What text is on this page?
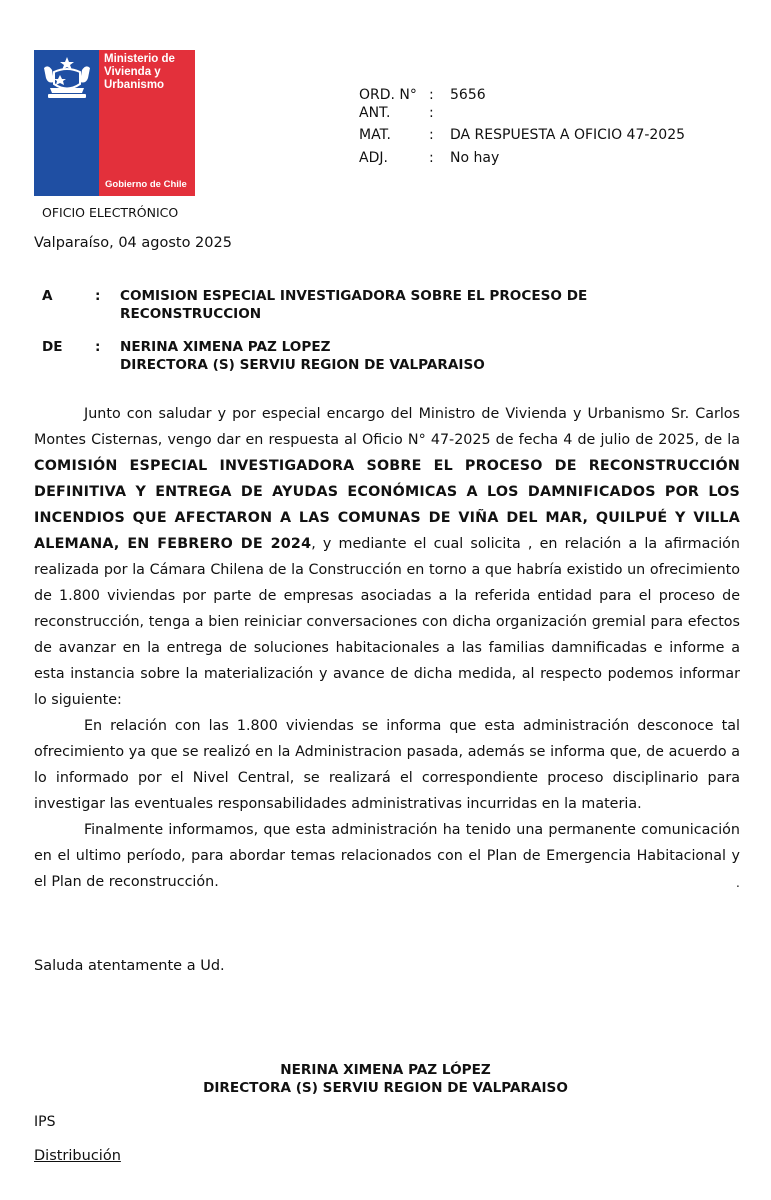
Ministerio de
Vivienda y
Urbanismo
Gobierno de Chile
OFICIO ELECTRÓNICO
Valparaíso, 04 agosto 2025
ORD. N° : 5656
ANT.	:
MAT.	: DA RESPUESTA A OFICIO 47-2025
ADJ.	: No hay
A	: COMISION ESPECIAL INVESTIGADORA SOBRE EL PROCESO DE RECONSTRUCCION
DE : NERINA XIMENA PAZ LOPEZ
DIRECTORA (S) SERVIU REGION DE VALPARAISO

Junto con saludar y por especial encargo del Ministro de Vivienda y Urbanismo Sr. Carlos Montes Cisternas, vengo dar en respuesta al Oficio N° 47-2025 de fecha 4 de julio de 2025, de la COMISIÓN ESPECIAL INVESTIGADORA SOBRE EL PROCESO DE RECONSTRUCCIÓN DEFINITIVA Y ENTREGA DE AYUDAS ECONÓMICAS A LOS DAMNIFICADOS POR LOS INCENDIOS QUE AFECTARON A LAS COMUNAS DE VIÑA DEL MAR, QUILPUÉ Y VILLA ALEMANA, EN FEBRERO DE 2024, y mediante el cual solicita , en relación a la afirmación realizada por la Cámara Chilena de la Construcción en torno a que habría existido un ofrecimiento de 1.800 viviendas por parte de empresas asociadas a la referida entidad para el proceso de reconstrucción, tenga a bien reiniciar conversaciones con dicha organización gremial para efectos de avanzar en la entrega de soluciones habitacionales a las familias damnificadas e informe a esta instancia sobre la materialización y avance de dicha medida, al respecto podemos informar lo siguiente:

En relación con las 1.800 viviendas se informa que esta administración desconoce tal ofrecimiento ya que se realizó en la Administracion pasada, además se informa que, de acuerdo a lo informado por el Nivel Central, se realizará el correspondiente proceso disciplinario para investigar las eventuales responsabilidades administrativas incurridas en la materia.

Finalmente informamos, que esta administración ha tenido una permanente comunicación en el ultimo período, para abordar temas relacionados con el Plan de Emergencia Habitacional y el Plan de reconstrucción.	.
Saluda atentamente a Ud.
NERINA XIMENA PAZ LÓPEZ
DIRECTORA (S) SERVIU REGION DE VALPARAISO
IPS
Distribución
